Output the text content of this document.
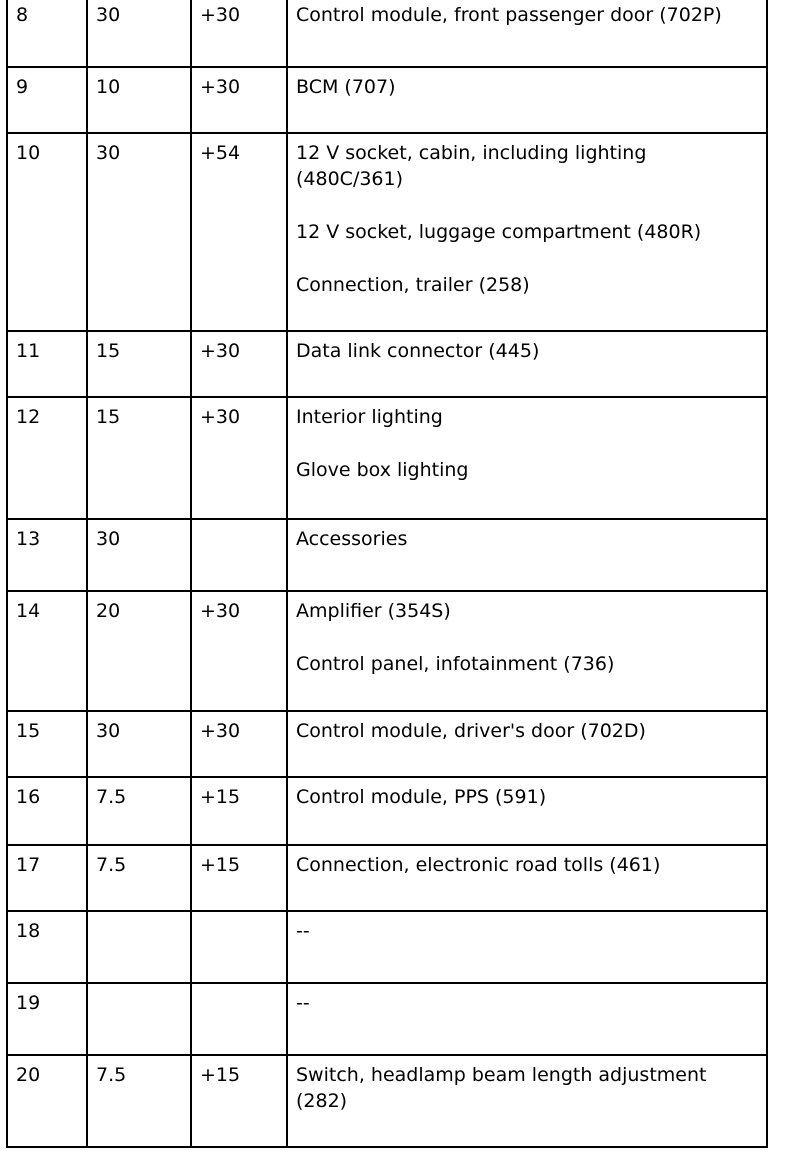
8	30	+30	Control module, front passenger door (702P)

9	10	+30	BCM (707)

10	30	+54	12 V socket, cabin, including lighting (480C/361)

12 V socket, luggage compartment (480R)

Connection, trailer (258)

11	15	+30	Data link connector (445)

12	15	+30	Interior lighting

Glove box lighting

13	30		Accessories

14	20	+30	Amplifier (354S)

Control panel, infotainment (736)

15	30	+30	Control module, driver's door (702D)

16	7.5	+15	Control module, PPS (591)

17	7.5	+15	Connection, electronic road tolls (461)

18			--

19			--

20	7.5	+15	Switch, headlamp beam length adjustment (282)
